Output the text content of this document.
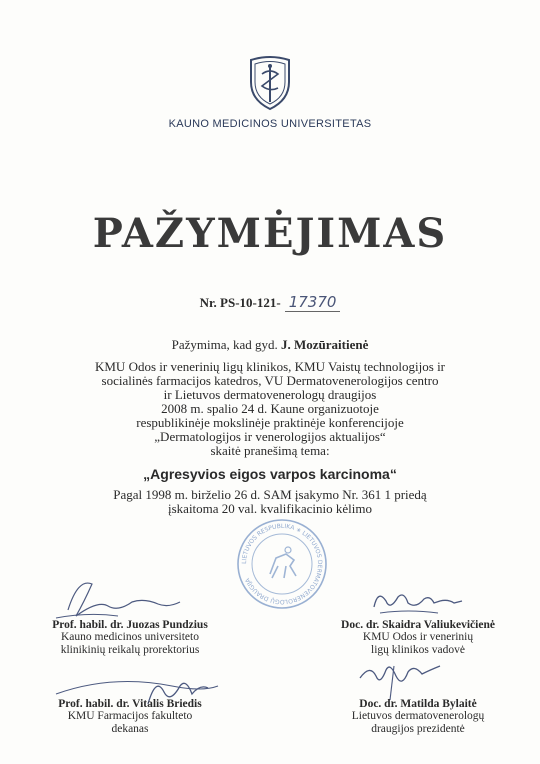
KAUNO MEDICINOS UNIVERSITETAS
PAŽYMĖJIMAS
Nr. PS-10-121- 17370
Pažymima, kad gyd. J. Mozūraitienė
KMU Odos ir venerinių ligų klinikos, KMU Vaistų technologijos ir
socialinės farmacijos katedros, VU Dermatovenerologijos centro
ir Lietuvos dermatovenerologų draugijos
2008 m. spalio 24 d. Kaune organizuotoje
respublikinėje mokslinėje praktinėje konferencijoje
„Dermatologijos ir venerologijos aktualijos“
skaitė pranešimą tema:
„Agresyvios eigos varpos karcinoma“
Pagal 1998 m. birželio 26 d. SAM įsakymo Nr. 361 1 priedą
įskaitoma 20 val. kvalifikacinio kėlimo
LIETUVOS RESPUBLIKA ∗ LIETUVOS DERMATOVENEROLOGŲ DRAUGIJA
Prof. habil. dr. Juozas Pundzius
Kauno medicinos universiteto
klinikinių reikalų prorektorius
Doc. dr. Skaidra Valiukevičienė
KMU Odos ir venerinių
ligų klinikos vadovė
Prof. habil. dr. Vitalis Briedis
KMU Farmacijos fakulteto
dekanas
Doc. dr. Matilda Bylaitė
Lietuvos dermatovenerologų
draugijos prezidentė
